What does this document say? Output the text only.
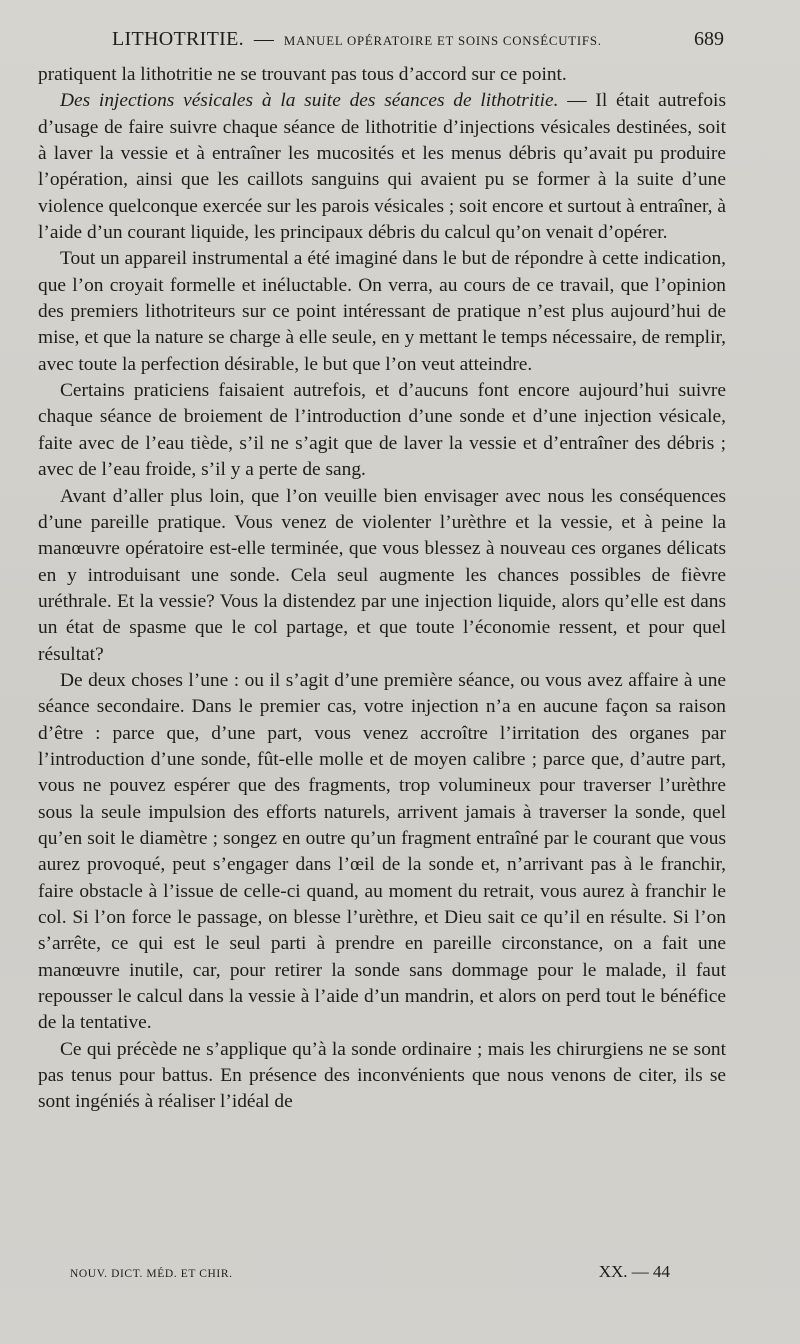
LITHOTRITIE. — MANUEL OPÉRATOIRE ET SOINS CONSÉCUTIFS.	689

pratiquent la lithotritie ne se trouvant pas tous d’accord sur ce point.

Des injections vésicales à la suite des séances de lithotritie. — Il était autrefois d’usage de faire suivre chaque séance de lithotritie d’injections vésicales destinées, soit à laver la vessie et à entraîner les mucosités et les menus débris qu’avait pu produire l’opération, ainsi que les caillots sanguins qui avaient pu se former à la suite d’une violence quelconque exercée sur les parois vésicales ; soit encore et surtout à entraîner, à l’aide d’un courant liquide, les principaux débris du calcul qu’on venait d’opérer.

Tout un appareil instrumental a été imaginé dans le but de répondre à cette indication, que l’on croyait formelle et inéluctable. On verra, au cours de ce travail, que l’opinion des premiers lithotriteurs sur ce point intéressant de pratique n’est plus aujourd’hui de mise, et que la nature se charge à elle seule, en y mettant le temps nécessaire, de remplir, avec toute la perfection désirable, le but que l’on veut atteindre.

Certains praticiens faisaient autrefois, et d’aucuns font encore aujourd’hui suivre chaque séance de broiement de l’introduction d’une sonde et d’une injection vésicale, faite avec de l’eau tiède, s’il ne s’agit que de laver la vessie et d’entraîner des débris ; avec de l’eau froide, s’il y a perte de sang.

Avant d’aller plus loin, que l’on veuille bien envisager avec nous les conséquences d’une pareille pratique. Vous venez de violenter l’urèthre et la vessie, et à peine la manœuvre opératoire est-elle terminée, que vous blessez à nouveau ces organes délicats en y introduisant une sonde. Cela seul augmente les chances possibles de fièvre uréthrale. Et la vessie? Vous la distendez par une injection liquide, alors qu’elle est dans un état de spasme que le col partage, et que toute l’économie ressent, et pour quel résultat?

De deux choses l’une : ou il s’agit d’une première séance, ou vous avez affaire à une séance secondaire. Dans le premier cas, votre injection n’a en aucune façon sa raison d’être : parce que, d’une part, vous venez accroître l’irritation des organes par l’introduction d’une sonde, fût-elle molle et de moyen calibre ; parce que, d’autre part, vous ne pouvez espérer que des fragments, trop volumineux pour traverser l’urèthre sous la seule impulsion des efforts naturels, arrivent jamais à traverser la sonde, quel qu’en soit le diamètre ; songez en outre qu’un fragment entraîné par le courant que vous aurez provoqué, peut s’engager dans l’œil de la sonde et, n’arrivant pas à le franchir, faire obstacle à l’issue de celle-ci quand, au moment du retrait, vous aurez à franchir le col. Si l’on force le passage, on blesse l’urèthre, et Dieu sait ce qu’il en résulte. Si l’on s’arrête, ce qui est le seul parti à prendre en pareille circonstance, on a fait une manœuvre inutile, car, pour retirer la sonde sans dommage pour le malade, il faut repousser le calcul dans la vessie à l’aide d’un mandrin, et alors on perd tout le bénéfice de la tentative.

Ce qui précède ne s’applique qu’à la sonde ordinaire ; mais les chirurgiens ne se sont pas tenus pour battus. En présence des inconvénients que nous venons de citer, ils se sont ingéniés à réaliser l’idéal de

NOUV. DICT. MÉD. ET CHIR.	XX. — 44
